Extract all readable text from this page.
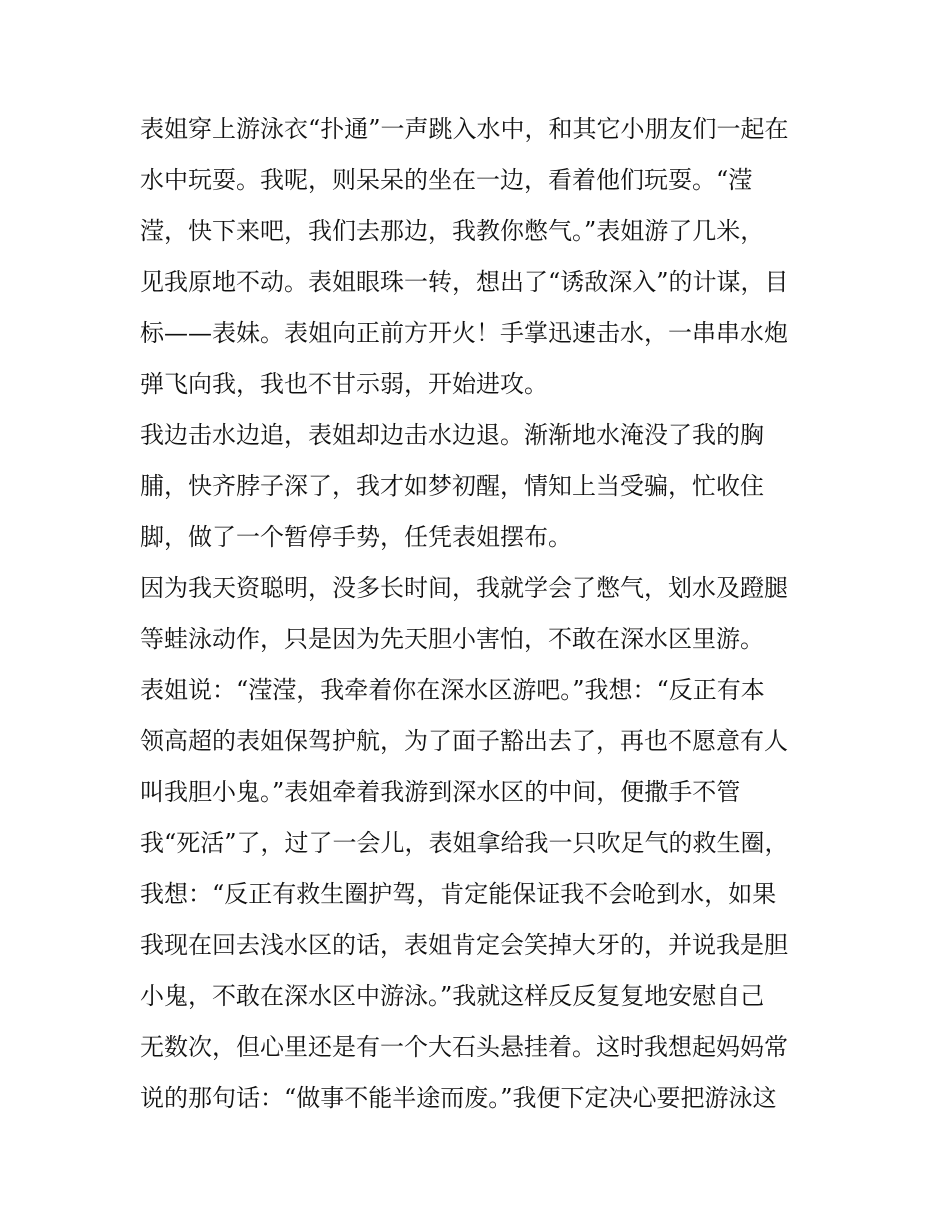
表姐穿上游泳衣“扑通”一声跳入水中，和其它小朋友们一起在
水中玩耍。我呢，则呆呆的坐在一边，看着他们玩耍。“滢
滢，快下来吧，我们去那边，我教你憋气。”表姐游了几米，
见我原地不动。表姐眼珠一转，想出了“诱敌深入”的计谋，目
标——表妹。表姐向正前方开火！手掌迅速击水，一串串水炮
弹飞向我，我也不甘示弱，开始进攻。
我边击水边追，表姐却边击水边退。渐渐地水淹没了我的胸
脯，快齐脖子深了，我才如梦初醒，情知上当受骗，忙收住
脚，做了一个暂停手势，任凭表姐摆布。
因为我天资聪明，没多长时间，我就学会了憋气，划水及蹬腿
等蛙泳动作，只是因为先天胆小害怕，不敢在深水区里游。
表姐说：“滢滢，我牵着你在深水区游吧。”我想：“反正有本
领高超的表姐保驾护航，为了面子豁出去了，再也不愿意有人
叫我胆小鬼。”表姐牵着我游到深水区的中间，便撒手不管
我“死活”了，过了一会儿，表姐拿给我一只吹足气的救生圈，
我想：“反正有救生圈护驾，肯定能保证我不会呛到水，如果
我现在回去浅水区的话，表姐肯定会笑掉大牙的，并说我是胆
小鬼，不敢在深水区中游泳。”我就这样反反复复地安慰自己
无数次，但心里还是有一个大石头悬挂着。这时我想起妈妈常
说的那句话：“做事不能半途而废。”我便下定决心要把游泳这
